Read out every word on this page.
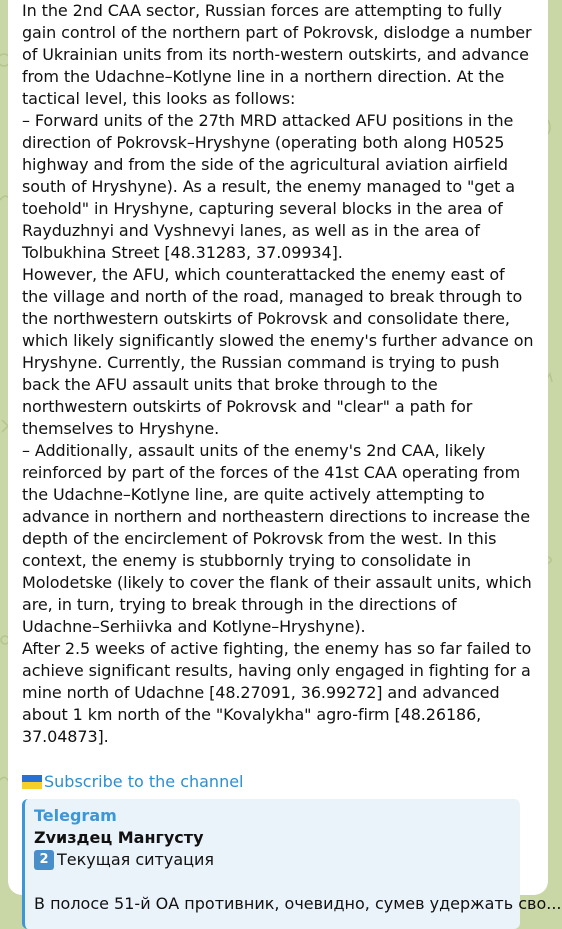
In the 2nd CAA sector, Russian forces are attempting to fully gain control of the northern part of Pokrovsk, dislodge a number of Ukrainian units from its north-western outskirts, and advance from the Udachne–Kotlyne line in a northern direction. At the tactical level, this looks as follows:
– Forward units of the 27th MRD attacked AFU positions in the direction of Pokrovsk–Hryshyne (operating both along H0525 highway and from the side of the agricultural aviation airfield south of Hryshyne). As a result, the enemy managed to "get a toehold" in Hryshyne, capturing several blocks in the area of Rayduzhnyi and Vyshnevyi lanes, as well as in the area of Tolbukhina Street [48.31283, 37.09934].
However, the AFU, which counterattacked the enemy east of the village and north of the road, managed to break through to the northwestern outskirts of Pokrovsk and consolidate there, which likely significantly slowed the enemy's further advance on Hryshyne. Currently, the Russian command is trying to push back the AFU assault units that broke through to the northwestern outskirts of Pokrovsk and "clear" a path for themselves to Hryshyne.
– Additionally, assault units of the enemy's 2nd CAA, likely reinforced by part of the forces of the 41st CAA operating from the Udachne–Kotlyne line, are quite actively attempting to advance in northern and northeastern directions to increase the depth of the encirclement of Pokrovsk from the west. In this context, the enemy is stubbornly trying to consolidate in Molodetske (likely to cover the flank of their assault units, which are, in turn, trying to break through in the directions of Udachne–Serhiivka and Kotlyne–Hryshyne).
After 2.5 weeks of active fighting, the enemy has so far failed to achieve significant results, having only engaged in fighting for a mine north of Udachne [48.27091, 36.99272] and advanced about 1 km north of the "Kovalykha" agro-firm [48.26186, 37.04873].

Subscribe to the channel
Telegram
Zvиздец Мангусту
2 Текущая ситуация
В полосе 51-й ОА противник, очевидно, сумев удержать сво...
